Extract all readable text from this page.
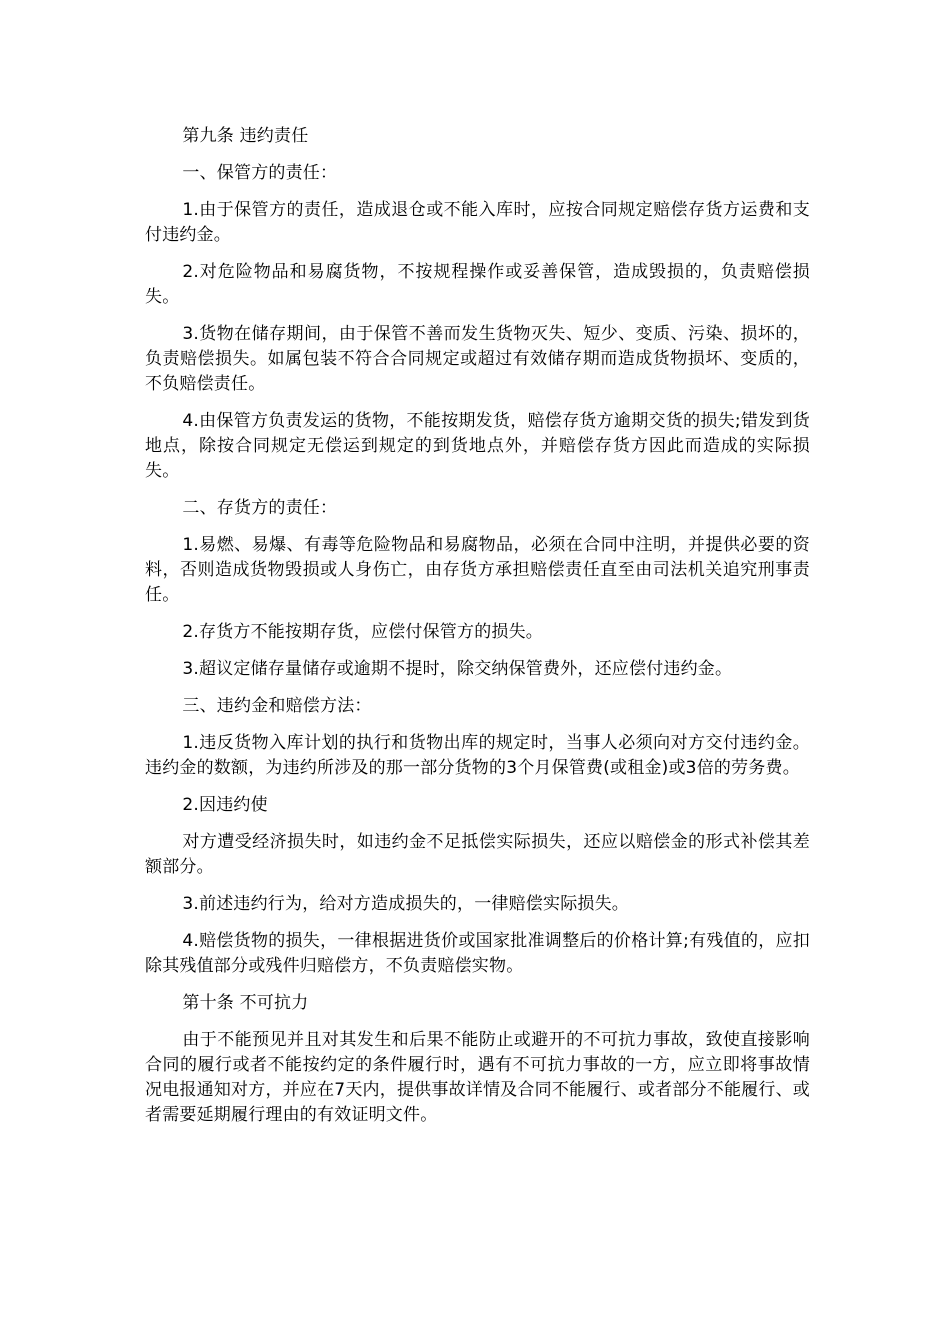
第九条 违约责任

一、保管方的责任：

1.由于保管方的责任，造成退仓或不能入库时，应按合同规定赔偿存货方运费和支付违约金。

2.对危险物品和易腐货物，不按规程操作或妥善保管，造成毁损的，负责赔偿损失。

3.货物在储存期间，由于保管不善而发生货物灭失、短少、变质、污染、损坏的，负责赔偿损失。如属包装不符合合同规定或超过有效储存期而造成货物损坏、变质的，不负赔偿责任。

4.由保管方负责发运的货物，不能按期发货，赔偿存货方逾期交货的损失;错发到货地点，除按合同规定无偿运到规定的到货地点外，并赔偿存货方因此而造成的实际损失。

二、存货方的责任：

1.易燃、易爆、有毒等危险物品和易腐物品，必须在合同中注明，并提供必要的资料，否则造成货物毁损或人身伤亡，由存货方承担赔偿责任直至由司法机关追究刑事责任。

2.存货方不能按期存货，应偿付保管方的损失。

3.超议定储存量储存或逾期不提时，除交纳保管费外，还应偿付违约金。

三、违约金和赔偿方法：

1.违反货物入库计划的执行和货物出库的规定时，当事人必须向对方交付违约金。违约金的数额，为违约所涉及的那一部分货物的3个月保管费(或租金)或3倍的劳务费。

2.因违约使

对方遭受经济损失时，如违约金不足抵偿实际损失，还应以赔偿金的形式补偿其差额部分。

3.前述违约行为，给对方造成损失的，一律赔偿实际损失。

4.赔偿货物的损失，一律根据进货价或国家批准调整后的价格计算;有残值的，应扣除其残值部分或残件归赔偿方，不负责赔偿实物。

第十条 不可抗力

由于不能预见并且对其发生和后果不能防止或避开的不可抗力事故，致使直接影响合同的履行或者不能按约定的条件履行时，遇有不可抗力事故的一方，应立即将事故情况电报通知对方，并应在7天内，提供事故详情及合同不能履行、或者部分不能履行、或者需要延期履行理由的有效证明文件。
